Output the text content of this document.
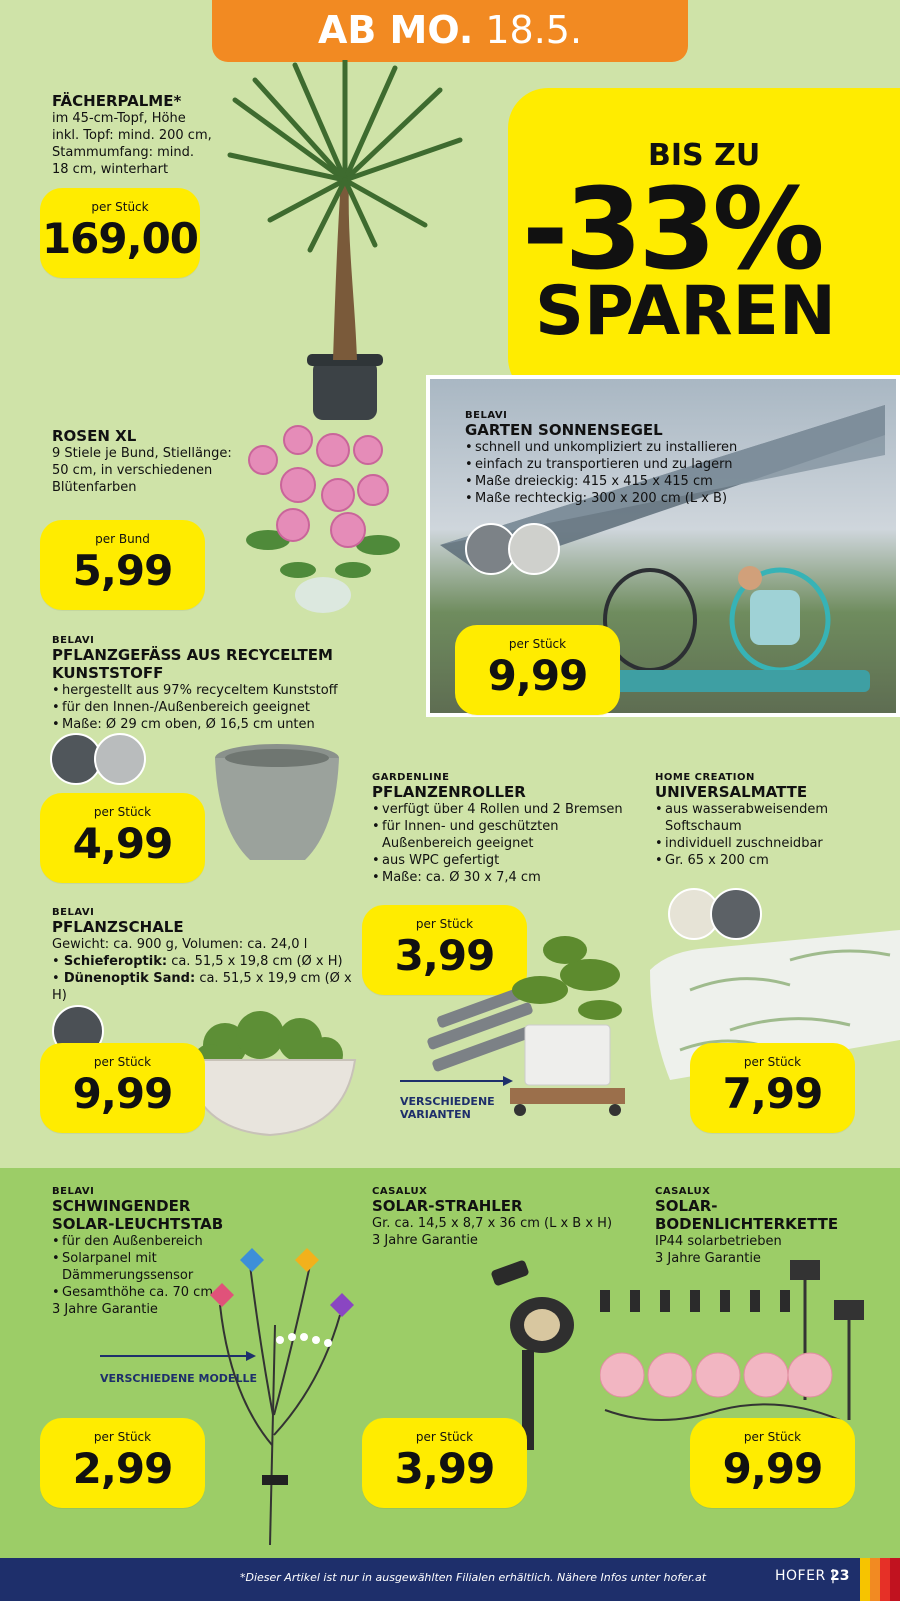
AB MO. 18.5.
BIS ZU
-33%
SPAREN
FÄCHERPALME*
im 45-cm-Topf, Höhe
inkl. Topf: mind. 200 cm,
Stammumfang: mind.
18 cm, winterhart
per Stück
169,00
ROSEN XL
9 Stiele je Bund, Stiellänge:
50 cm, in verschiedenen
Blütenfarben
per Bund
5,99
BELAVI
GARTEN SONNENSEGEL
• schnell und unkompliziert zu installieren
• einfach zu transportieren und zu lagern
• Maße dreieckig: 415 x 415 x 415 cm
• Maße rechteckig: 300 x 200 cm (L x B)
per Stück
9,99
BELAVI
PFLANZGEFÄSS AUS RECYCELTEM KUNSTSTOFF
• hergestellt aus 97% recyceltem Kunststoff
• für den Innen-/Außenbereich geeignet
• Maße: Ø 29 cm oben, Ø 16,5 cm unten
per Stück
4,99
GARDENLINE
PFLANZENROLLER
• verfügt über 4 Rollen und 2 Bremsen
• für Innen- und geschützten Außenbereich geeignet
• aus WPC gefertigt
• Maße: ca. Ø 30 x 7,4 cm
per Stück
3,99
VERSCHIEDENE VARIANTEN
HOME CREATION
UNIVERSALMATTE
• aus wasserabweisendem Softschaum
• individuell zuschneidbar
• Gr. 65 x 200 cm
per Stück
7,99
BELAVI
PFLANZSCHALE
Gewicht: ca. 900 g, Volumen: ca. 24,0 l
• Schieferoptik: ca. 51,5 x 19,8 cm (Ø x H)
• Dünenoptik Sand: ca. 51,5 x 19,9 cm (Ø x H)
per Stück
9,99
BELAVI
SCHWINGENDER
SOLAR-LEUCHTSTAB
• für den Außenbereich
• Solarpanel mit Dämmerungssensor
• Gesamthöhe ca. 70 cm
3 Jahre Garantie
VERSCHIEDENE MODELLE
per Stück
2,99
CASALUX
SOLAR-STRAHLER
Gr. ca. 14,5 x 8,7 x 36 cm (L x B x H)
3 Jahre Garantie
per Stück
3,99
CASALUX
SOLAR-BODENLICHTERKETTE
IP44 solarbetrieben
3 Jahre Garantie
per Stück
9,99
*Dieser Artikel ist nur in ausgewählten Filialen erhältlich. Nähere Infos unter hofer.at	HOFER |
23
